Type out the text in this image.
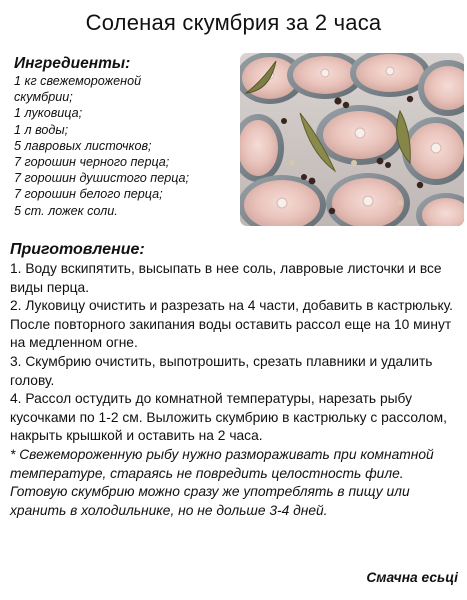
Соленая скумбрия за 2 часа
Ингредиенты:
1 кг свежемороженой
скумбрии;
1 луковица;
1 л воды;
5 лавровых листочков;
7 горошин черного перца;
7 горошин душистого перца;
7 горошин белого перца;
5 ст. ложек соли.
Приготовление:

1. Воду вскипятить, высыпать в нее соль, лавровые листочки и все виды перца.

2. Луковицу очистить и разрезать на 4 части, добавить в кастрюльку. После повторного закипания воды оставить рассол еще на 10 минут на медленном огне.

3. Скумбрию очистить, выпотрошить, срезать плавники и удалить голову.

4. Рассол остудить до комнатной температуры, нарезать рыбу кусочками по 1-2 см. Выложить скумбрию в кастрюльку с рассолом, накрыть крышкой и оставить на 2 часа.

* Свежемороженную рыбу нужно размораживать при комнатной температуре, стараясь не повредить целостность филе. Готовую скумбрию можно сразу же употреблять в пищу или хранить в холодильнике, но не дольше 3-4 дней.

Смачна есьці
